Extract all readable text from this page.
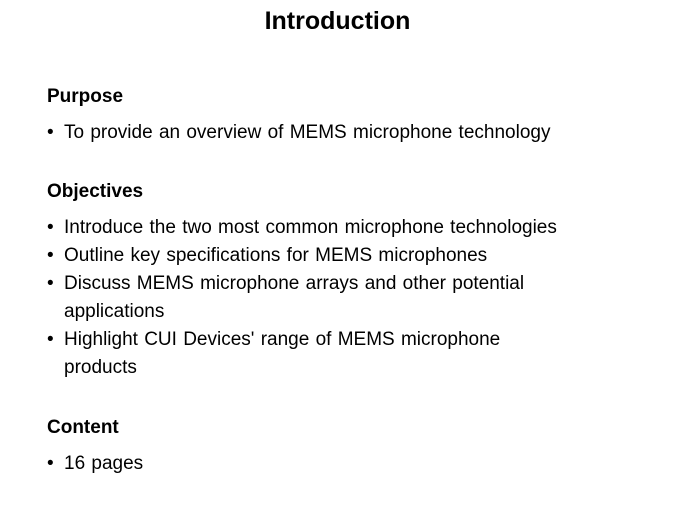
Introduction
Purpose
• To provide an overview of MEMS microphone technology
Objectives
• Introduce the two most common microphone technologies
• Outline key specifications for MEMS microphones
• Discuss MEMS microphone arrays and other potential applications
• Highlight CUI Devices' range of MEMS microphone products
Content
• 16 pages
